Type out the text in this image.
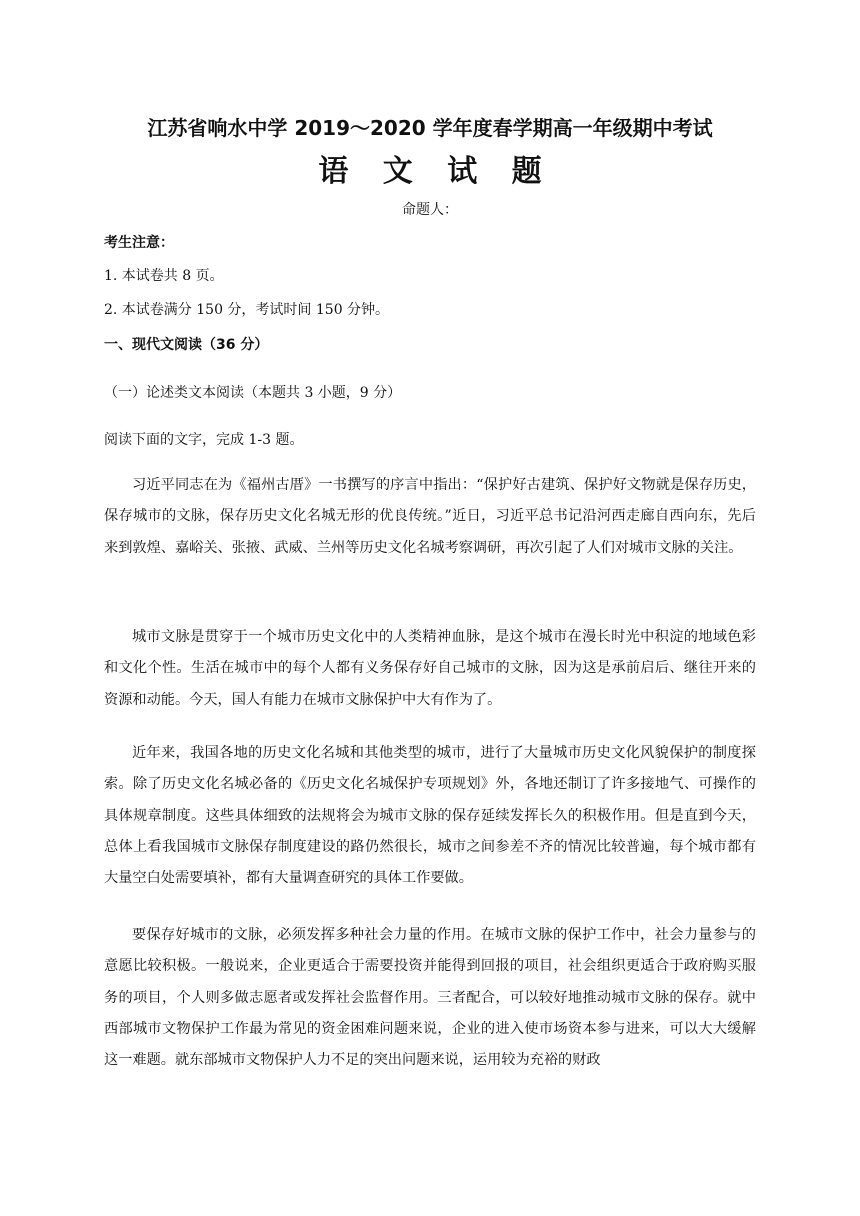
江苏省响水中学 2019～2020 学年度春学期高一年级期中考试
语 文 试 题
命题人：
考生注意：
1. 本试卷共 8 页。
2. 本试卷满分 150 分，考试时间 150 分钟。
一、现代文阅读（36 分）
（一）论述类文本阅读（本题共 3 小题，9 分）
阅读下面的文字，完成 1-3 题。

习近平同志在为《福州古厝》一书撰写的序言中指出：“保护好古建筑、保护好文物就是保存历史，保存城市的文脉，保存历史文化名城无形的优良传统。”近日，习近平总书记沿河西走廊自西向东，先后来到敦煌、嘉峪关、张掖、武威、兰州等历史文化名城考察调研，再次引起了人们对城市文脉的关注。

城市文脉是贯穿于一个城市历史文化中的人类精神血脉，是这个城市在漫长时光中积淀的地域色彩和文化个性。生活在城市中的每个人都有义务保存好自己城市的文脉，因为这是承前启后、继往开来的资源和动能。今天，国人有能力在城市文脉保护中大有作为了。

近年来，我国各地的历史文化名城和其他类型的城市，进行了大量城市历史文化风貌保护的制度探索。除了历史文化名城必备的《历史文化名城保护专项规划》外，各地还制订了许多接地气、可操作的具体规章制度。这些具体细致的法规将会为城市文脉的保存延续发挥长久的积极作用。但是直到今天，总体上看我国城市文脉保存制度建设的路仍然很长，城市之间参差不齐的情况比较普遍，每个城市都有大量空白处需要填补，都有大量调查研究的具体工作要做。

要保存好城市的文脉，必须发挥多种社会力量的作用。在城市文脉的保护工作中，社会力量参与的意愿比较积极。一般说来，企业更适合于需要投资并能得到回报的项目，社会组织更适合于政府购买服务的项目，个人则多做志愿者或发挥社会监督作用。三者配合，可以较好地推动城市文脉的保存。就中西部城市文物保护工作最为常见的资金困难问题来说，企业的进入使市场资本参与进来，可以大大缓解这一难题。就东部城市文物保护人力不足的突出问题来说，运用较为充裕的财政
